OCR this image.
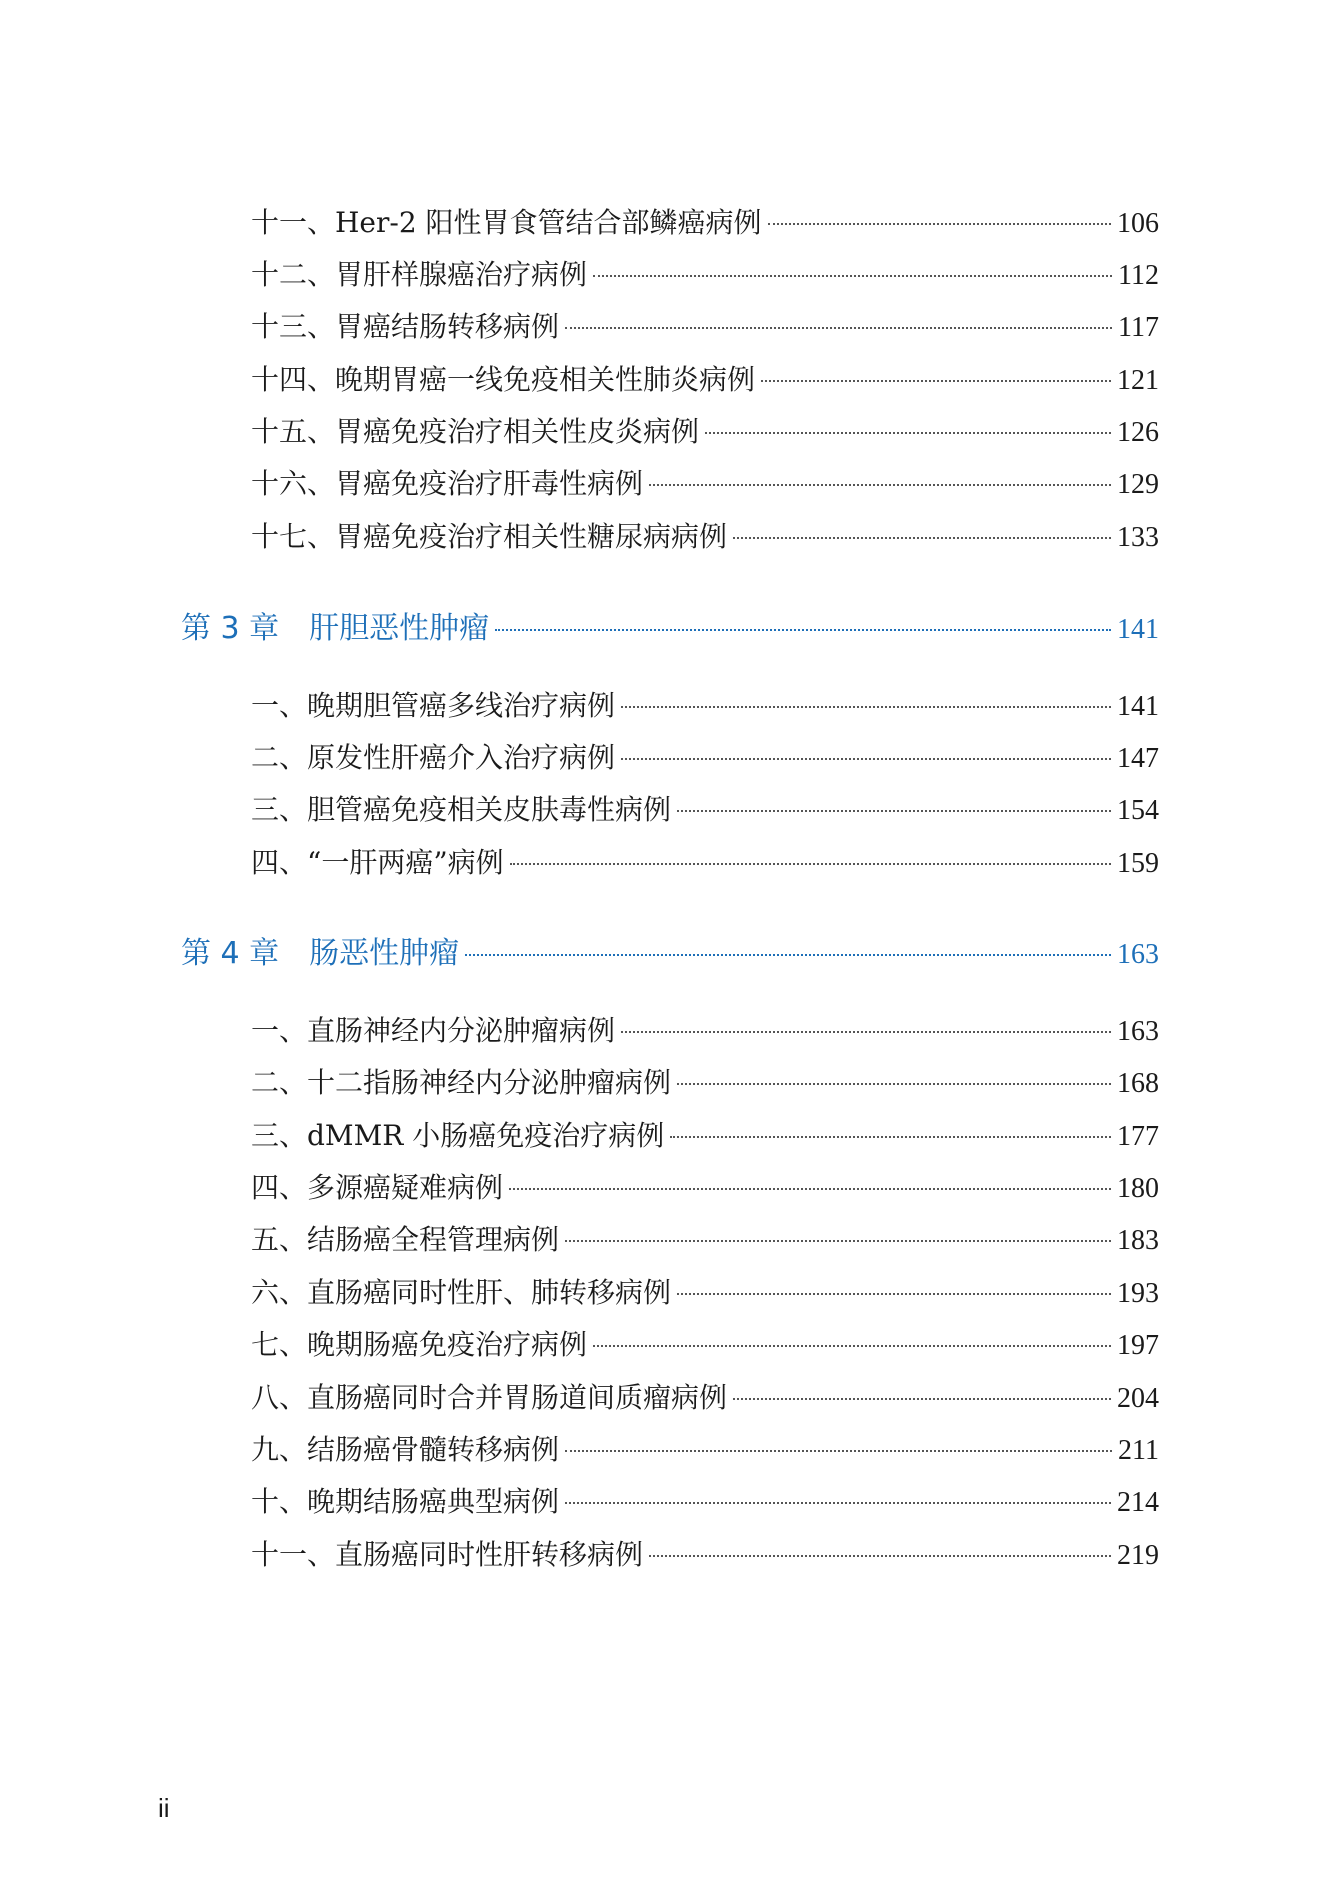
十一、Her-2 阳性胃食管结合部鳞癌病例	106
十二、胃肝样腺癌治疗病例	112
十三、胃癌结肠转移病例	117
十四、晚期胃癌一线免疫相关性肺炎病例	121
十五、胃癌免疫治疗相关性皮炎病例	126
十六、胃癌免疫治疗肝毒性病例	129
十七、胃癌免疫治疗相关性糖尿病病例	133
第 3 章　肝胆恶性肿瘤	141
一、晚期胆管癌多线治疗病例	141
二、原发性肝癌介入治疗病例	147
三、胆管癌免疫相关皮肤毒性病例	154
四、“一肝两癌”病例	159
第 4 章　肠恶性肿瘤	163
一、直肠神经内分泌肿瘤病例	163
二、十二指肠神经内分泌肿瘤病例	168
三、dMMR 小肠癌免疫治疗病例	177
四、多源癌疑难病例	180
五、结肠癌全程管理病例	183
六、直肠癌同时性肝、肺转移病例	193
七、晚期肠癌免疫治疗病例	197
八、直肠癌同时合并胃肠道间质瘤病例	204
九、结肠癌骨髓转移病例	211
十、晚期结肠癌典型病例	214
十一、直肠癌同时性肝转移病例	219
ii
